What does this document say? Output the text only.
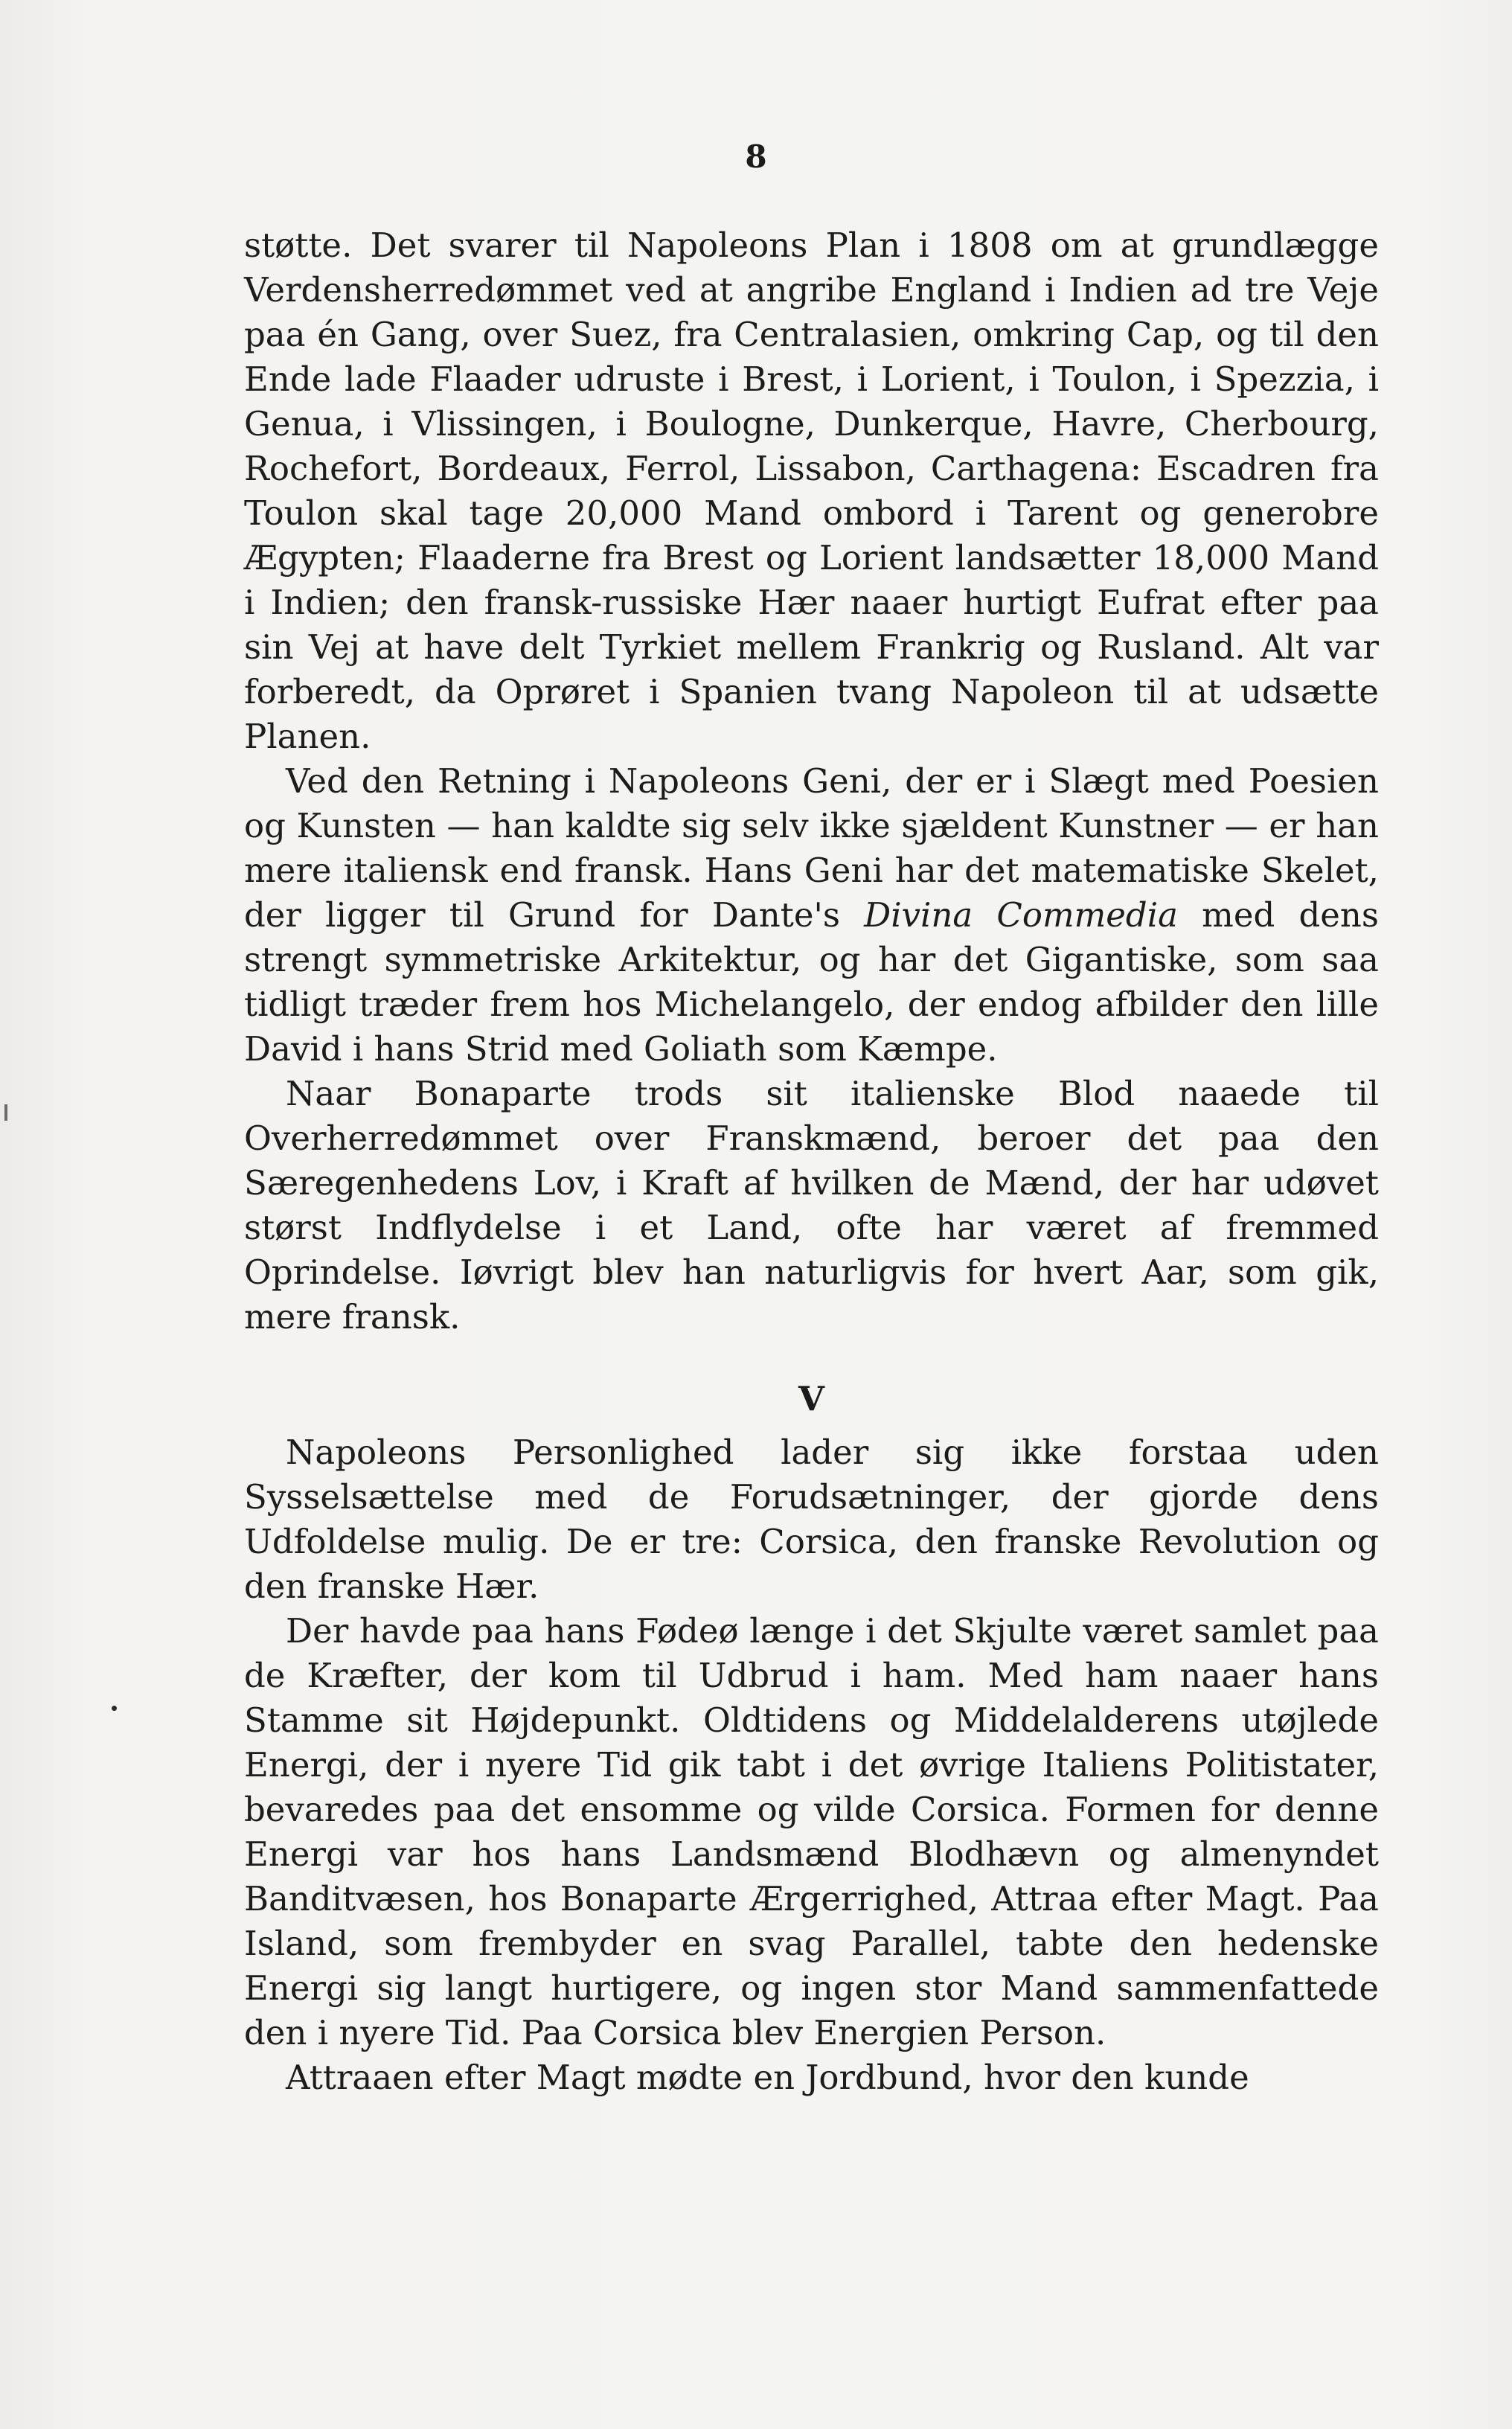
8

støtte. Det svarer til Napoleons Plan i 1808 om at grundlægge Verdensherredømmet ved at angribe England i Indien ad tre Veje paa én Gang, over Suez, fra Centralasien, omkring Cap, og til den Ende lade Flaader udruste i Brest, i Lorient, i Toulon, i Spezzia, i Genua, i Vlissingen, i Boulogne, Dunkerque, Havre, Cherbourg, Rochefort, Bordeaux, Ferrol, Lissabon, Carthagena: Escadren fra Toulon skal tage 20,000 Mand ombord i Tarent og generobre Ægypten; Flaaderne fra Brest og Lorient landsætter 18,000 Mand i Indien; den fransk-russiske Hær naaer hurtigt Eufrat efter paa sin Vej at have delt Tyrkiet mellem Frankrig og Rusland. Alt var forberedt, da Oprøret i Spanien tvang Napoleon til at udsætte Planen.

Ved den Retning i Napoleons Geni, der er i Slægt med Poesien og Kunsten — han kaldte sig selv ikke sjældent Kunstner — er han mere italiensk end fransk. Hans Geni har det matematiske Skelet, der ligger til Grund for Dante's Divina Commedia med dens strengt symmetriske Arkitektur, og har det Gigantiske, som saa tidligt træder frem hos Michelangelo, der endog afbilder den lille David i hans Strid med Goliath som Kæmpe.

Naar Bonaparte trods sit italienske Blod naaede til Overherredømmet over Franskmænd, beroer det paa den Særegenhedens Lov, i Kraft af hvilken de Mænd, der har udøvet størst Indflydelse i et Land, ofte har været af fremmed Oprindelse. Iøvrigt blev han naturligvis for hvert Aar, som gik, mere fransk.

V

Napoleons Personlighed lader sig ikke forstaa uden Sysselsættelse med de Forudsætninger, der gjorde dens Udfoldelse mulig. De er tre: Corsica, den franske Revolution og den franske Hær.

Der havde paa hans Fødeø længe i det Skjulte været samlet paa de Kræfter, der kom til Udbrud i ham. Med ham naaer hans Stamme sit Højdepunkt. Oldtidens og Middelalderens utøjlede Energi, der i nyere Tid gik tabt i det øvrige Italiens Politistater, bevaredes paa det ensomme og vilde Corsica. Formen for denne Energi var hos hans Landsmænd Blodhævn og almenyndet Banditvæsen, hos Bonaparte Ærgerrighed, Attraa efter Magt. Paa Island, som frembyder en svag Parallel, tabte den hedenske Energi sig langt hurtigere, og ingen stor Mand sammenfattede den i nyere Tid. Paa Corsica blev Energien Person.

Attraaen efter Magt mødte en Jordbund, hvor den kunde
